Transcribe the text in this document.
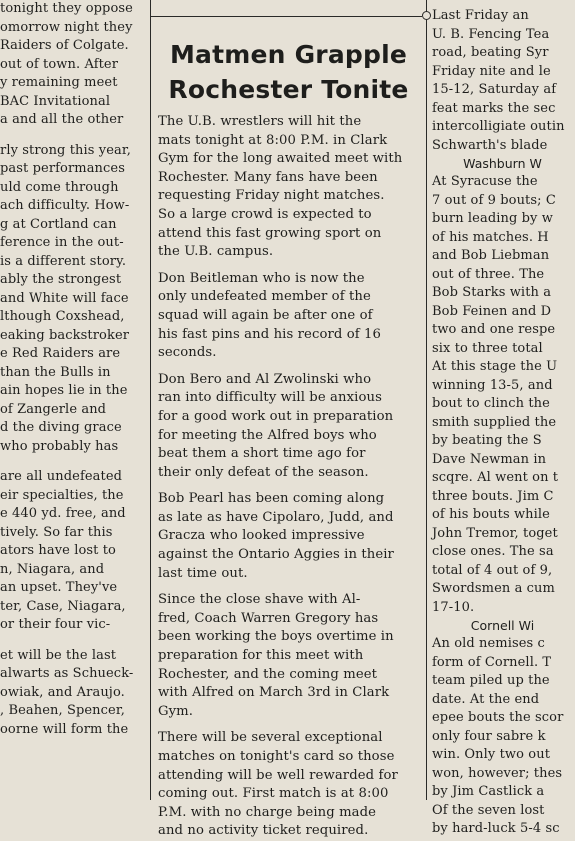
tonight they oppose
omorrow night they
Raiders of Colgate.
out of town. After
y remaining meet
BAC Invitational
a and all the other
rly strong this year,
past performances
uld come through
ach difficulty. How-
g at Cortland can
ference in the out-
is a different story.
ably the strongest
and White will face
lthough Coxshead,
eaking backstroker
e Red Raiders are
than the Bulls in
ain hopes lie in the
of Zangerle and
d the diving grace
who probably has
are all undefeated
eir specialties, the
e 440 yd. free, and
tively. So far this
ators have lost to
n, Niagara, and
an upset. They've
ter, Case, Niagara,
or their four vic-
et will be the last
alwarts as Schueck-
owiak, and Araujo.
, Beahen, Spencer,
oorne will form the
Matmen Grapple
Rochester Tonite
The U.B. wrestlers will hit the
mats tonight at 8:00 P.M. in Clark
Gym for the long awaited meet with
Rochester. Many fans have been
requesting Friday night matches.
So a large crowd is expected to
attend this fast growing sport on
the U.B. campus.
Don Beitleman who is now the
only undefeated member of the
squad will again be after one of
his fast pins and his record of 16
seconds.
Don Bero and Al Zwolinski who
ran into difficulty will be anxious
for a good work out in preparation
for meeting the Alfred boys who
beat them a short time ago for
their only defeat of the season.
Bob Pearl has been coming along
as late as have Cipolaro, Judd, and
Gracza who looked impressive
against the Ontario Aggies in their
last time out.
Since the close shave with Al-
fred, Coach Warren Gregory has
been working the boys overtime in
preparation for this meet with
Rochester, and the coming meet
with Alfred on March 3rd in Clark
Gym.
There will be several exceptional
matches on tonight's card so those
attending will be well rewarded for
coming out. First match is at 8:00
P.M. with no charge being made
and no activity ticket required.
Last Friday an
U. B. Fencing Tea
road, beating Syr
Friday nite and le
15-12, Saturday af
feat marks the sec
intercolligiate outin
Schwarth's blade
Washburn W
At Syracuse the
7 out of 9 bouts; C
burn leading by w
of his matches. H
and Bob Liebman
out of three. The
Bob Starks with a
Bob Feinen and D
two and one respe
six to three total
At this stage the U
winning 13-5, and
bout to clinch the
smith supplied the
by beating the S
Dave Newman in
scqre. Al went on t
three bouts. Jim C
of his bouts while
John Tremor, toget
close ones. The sa
total of 4 out of 9,
Swordsmen a cum
17-10.
Cornell Wi
An old nemises c
form of Cornell. T
team piled up the
date. At the end
epee bouts the scor
only four sabre k
win. Only two out
won, however; thes
by Jim Castlick a
Of the seven lost
by hard-luck 5-4 sc
